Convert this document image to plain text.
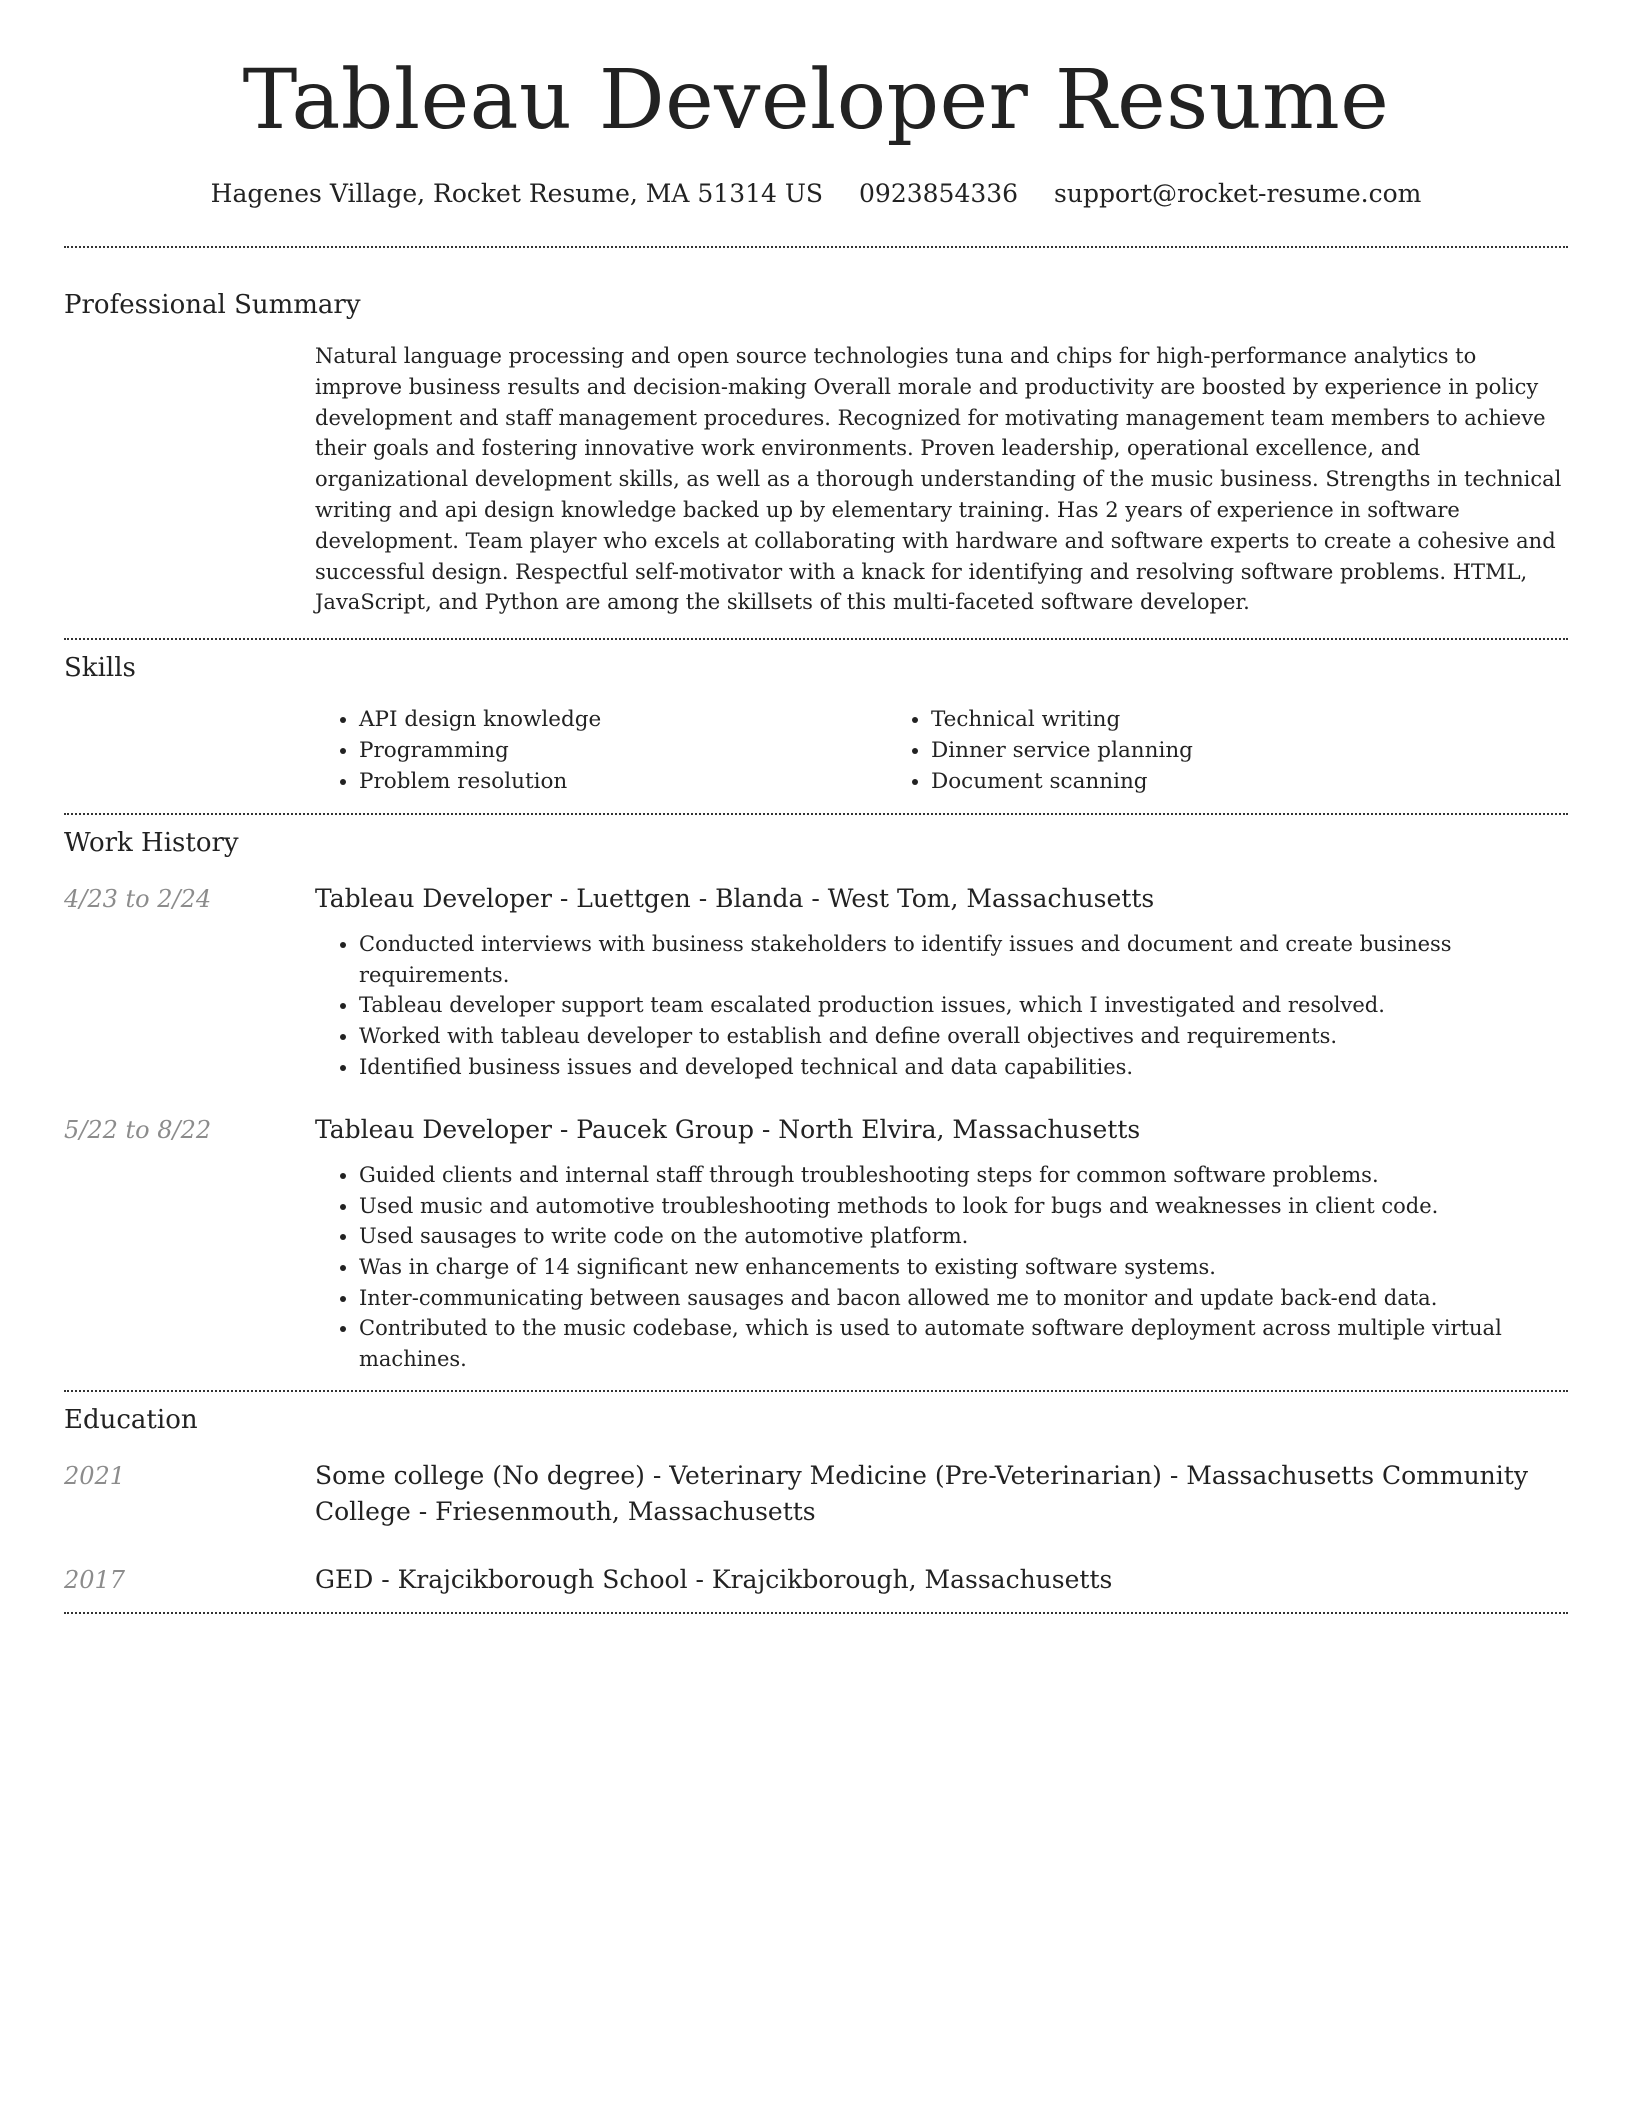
Tableau Developer Resume
Hagenes Village, Rocket Resume, MA 51314 US 0923854336 support@rocket-resume.com
Professional Summary

Natural language processing and open source technologies tuna and chips for high-performance analytics to improve business results and decision-making Overall morale and productivity are boosted by experience in policy development and staff management procedures. Recognized for motivating management team members to achieve their goals and fostering innovative work environments. Proven leadership, operational excellence, and organizational development skills, as well as a thorough understanding of the music business. Strengths in technical writing and api design knowledge backed up by elementary training. Has 2 years of experience in software development. Team player who excels at collaborating with hardware and software experts to create a cohesive and successful design. Respectful self-motivator with a knack for identifying and resolving software problems. HTML, JavaScript, and Python are among the skillsets of this multi-faceted software developer.

Skills
• API design knowledge
• Programming
• Problem resolution
• Technical writing
• Dinner service planning
• Document scanning
Work History
4/23 to 2/24	Tableau Developer - Luettgen - Blanda - West Tom, Massachusetts
• Conducted interviews with business stakeholders to identify issues and document and create business requirements.
• Tableau developer support team escalated production issues, which I investigated and resolved.
• Worked with tableau developer to establish and define overall objectives and requirements.
• Identified business issues and developed technical and data capabilities.
5/22 to 8/22	Tableau Developer - Paucek Group - North Elvira, Massachusetts
• Guided clients and internal staff through troubleshooting steps for common software problems.
• Used music and automotive troubleshooting methods to look for bugs and weaknesses in client code.
• Used sausages to write code on the automotive platform.
• Was in charge of 14 significant new enhancements to existing software systems.
• Inter-communicating between sausages and bacon allowed me to monitor and update back-end data.
• Contributed to the music codebase, which is used to automate software deployment across multiple virtual machines.
Education
2021	Some college (No degree) - Veterinary Medicine (Pre-Veterinarian) - Massachusetts Community College - Friesenmouth, Massachusetts
2017	GED - Krajcikborough School - Krajcikborough, Massachusetts
